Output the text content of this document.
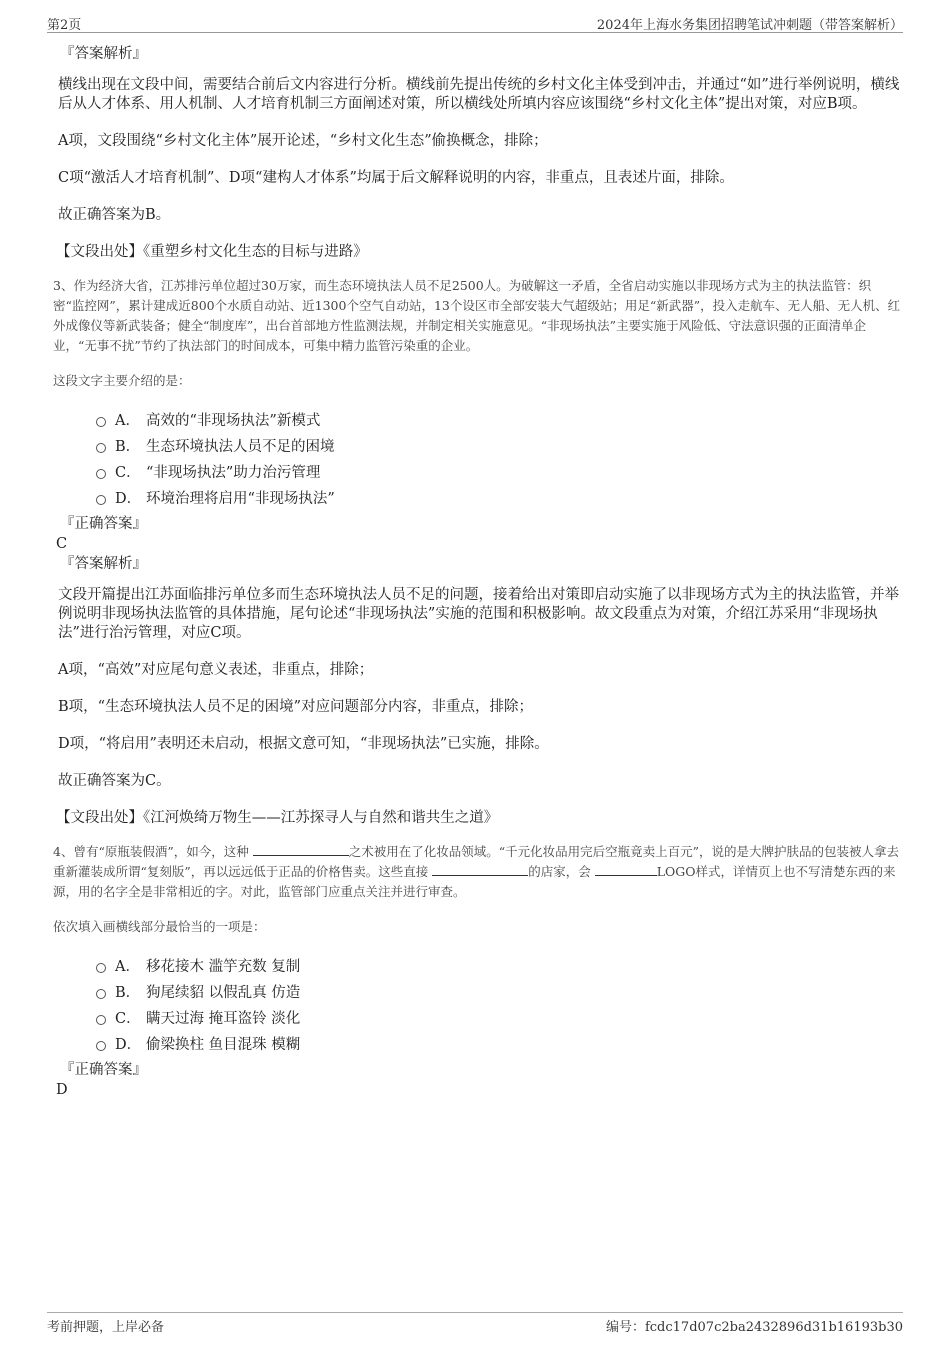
第2页	2024年上海水务集团招聘笔试冲刺题（带答案解析）
『答案解析』
横线出现在文段中间，需要结合前后文内容进行分析。横线前先提出传统的乡村文化主体受到冲击，并通过“如”进行举例说明，横线后从人才体系、用人机制、人才培育机制三方面阐述对策，所以横线处所填内容应该围绕“乡村文化主体”提出对策，对应B项。
A项，文段围绕“乡村文化主体”展开论述，“乡村文化生态”偷换概念，排除；
C项“激活人才培育机制”、D项“建构人才体系”均属于后文解释说明的内容，非重点，且表述片面，排除。
故正确答案为B。
【文段出处】《重塑乡村文化生态的目标与进路》
3、作为经济大省，江苏排污单位超过30万家，而生态环境执法人员不足2500人。为破解这一矛盾，全省启动实施以非现场方式为主的执法监管：织密“监控网”，累计建成近800个水质自动站、近1300个空气自动站，13个设区市全部安装大气超级站；用足“新武器”，投入走航车、无人船、无人机、红外成像仪等新武装备；健全“制度库”，出台首部地方性监测法规，并制定相关实施意见。“非现场执法”主要实施于风险低、守法意识强的正面清单企业，“无事不扰”节约了执法部门的时间成本，可集中精力监管污染重的企业。
这段文字主要介绍的是：
A． 高效的“非现场执法”新模式
B． 生态环境执法人员不足的困境
C． “非现场执法”助力治污管理
D． 环境治理将启用“非现场执法”
『正确答案』
C
『答案解析』
文段开篇提出江苏面临排污单位多而生态环境执法人员不足的问题，接着给出对策即启动实施了以非现场方式为主的执法监管，并举例说明非现场执法监管的具体措施，尾句论述“非现场执法”实施的范围和积极影响。故文段重点为对策，介绍江苏采用“非现场执法”进行治污管理，对应C项。
A项，“高效”对应尾句意义表述，非重点，排除；
B项，“生态环境执法人员不足的困境”对应问题部分内容，非重点，排除；
D项，“将启用”表明还未启动，根据文意可知，“非现场执法”已实施，排除。
故正确答案为C。
【文段出处】《江河焕绮万物生——江苏探寻人与自然和谐共生之道》
4、曾有“原瓶装假酒”，如今，这种	之术被用在了化妆品领域。“千元化妆品用完后空瓶竟卖上百元”，说的是大牌护肤品的包装被人拿去重新灌装成所谓“复刻版”，再以远远低于正品的价格售卖。这些直接	的店家，会	LOGO样式，详情页上也不写清楚东西的来源，用的名字全是非常相近的字。对此，监管部门应重点关注并进行审查。
依次填入画横线部分最恰当的一项是：
A． 移花接木 滥竽充数 复制
B． 狗尾续貂 以假乱真 仿造
C． 瞒天过海 掩耳盗铃 淡化
D． 偷梁换柱 鱼目混珠 模糊
『正确答案』
D
考前押题，上岸必备	编号：fcdc17d07c2ba2432896d31b16193b30
